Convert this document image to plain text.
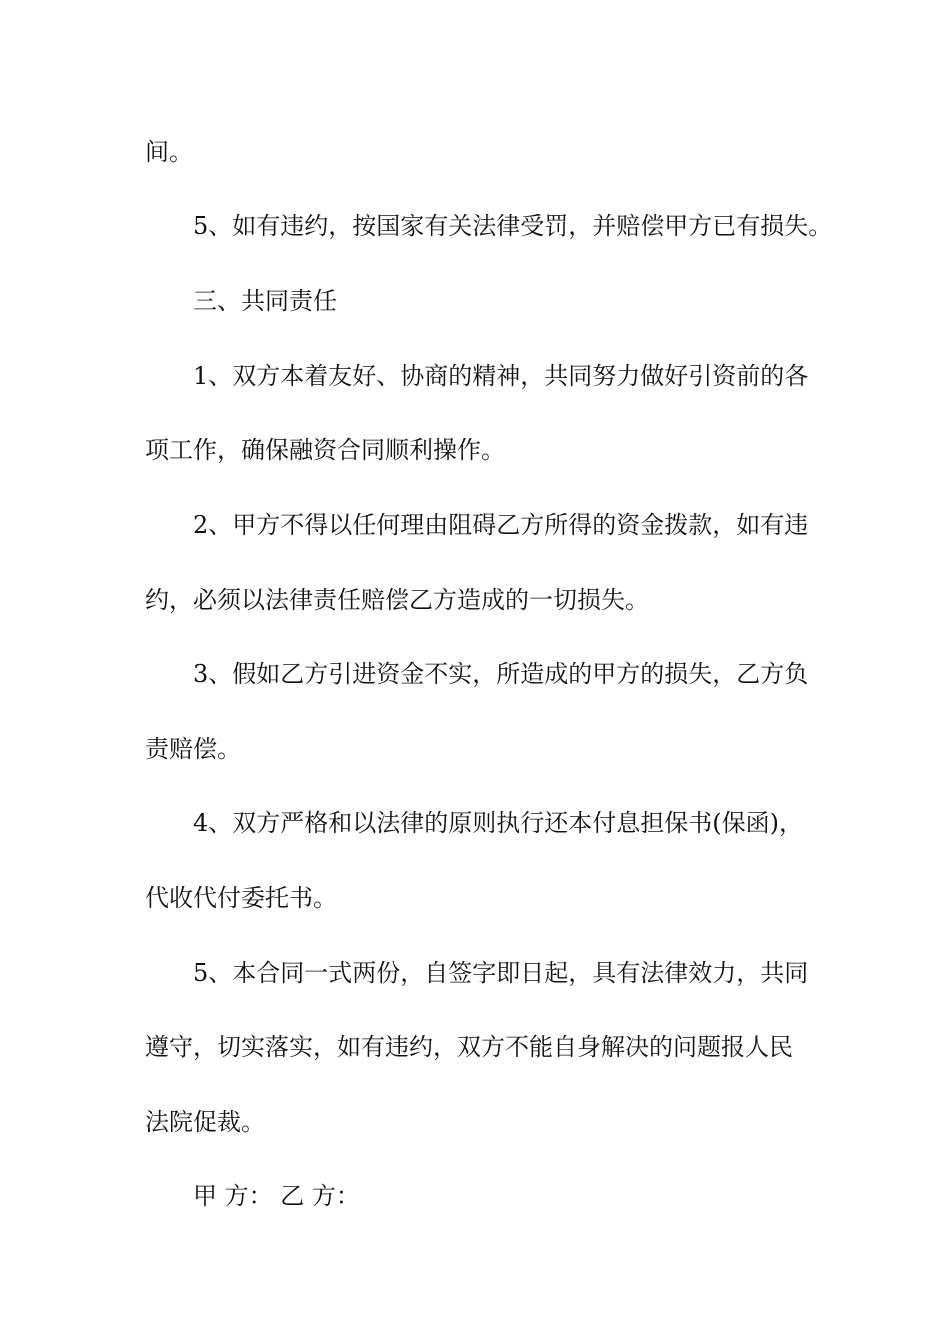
间。
5、如有违约，按国家有关法律受罚，并赔偿甲方已有损失。
三、共同责任
1、双方本着友好、协商的精神，共同努力做好引资前的各
项工作，确保融资合同顺利操作。
2、甲方不得以任何理由阻碍乙方所得的资金拨款，如有违
约，必须以法律责任赔偿乙方造成的一切损失。
3、假如乙方引进资金不实，所造成的甲方的损失，乙方负
责赔偿。
4、双方严格和以法律的原则执行还本付息担保书(保函)，
代收代付委托书。
5、本合同一式两份，自签字即日起，具有法律效力，共同
遵守，切实落实，如有违约，双方不能自身解决的问题报人民
法院促裁。
甲 方： 乙 方：
